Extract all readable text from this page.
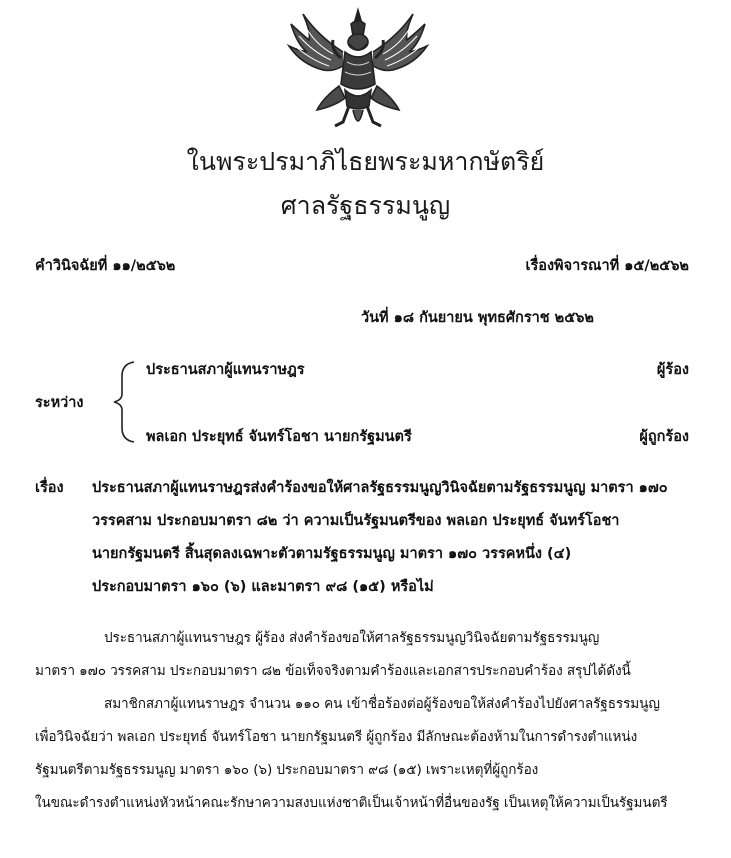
ในพระปรมาภิไธยพระมหากษัตริย์
ศาลรัฐธรรมนูญ
คำวินิจฉัยที่ ๑๑/๒๕๖๒	เรื่องพิจารณาที่ ๑๕/๒๕๖๒
วันที่ ๑๘ กันยายน พุทธศักราช ๒๕๖๒
ระหว่าง
ประธานสภาผู้แทนราษฎร	ผู้ร้อง
พลเอก ประยุทธ์ จันทร์โอชา นายกรัฐมนตรี	ผู้ถูกร้อง
เรื่อง ประธานสภาผู้แทนราษฎรส่งคำร้องขอให้ศาลรัฐธรรมนูญวินิจฉัยตามรัฐธรรมนูญ มาตรา ๑๗๐
วรรคสาม ประกอบมาตรา ๘๒ ว่า ความเป็นรัฐมนตรีของ พลเอก ประยุทธ์ จันทร์โอชา
นายกรัฐมนตรี สิ้นสุดลงเฉพาะตัวตามรัฐธรรมนูญ มาตรา ๑๗๐ วรรคหนึ่ง (๔)
ประกอบมาตรา ๑๖๐ (๖) และมาตรา ๙๘ (๑๕) หรือไม่
ประธานสภาผู้แทนราษฎร ผู้ร้อง ส่งคำร้องขอให้ศาลรัฐธรรมนูญวินิจฉัยตามรัฐธรรมนูญ
มาตรา ๑๗๐ วรรคสาม ประกอบมาตรา ๘๒ ข้อเท็จจริงตามคำร้องและเอกสารประกอบคำร้อง สรุปได้ดังนี้
สมาชิกสภาผู้แทนราษฎร จำนวน ๑๑๐ คน เข้าชื่อร้องต่อผู้ร้องขอให้ส่งคำร้องไปยังศาลรัฐธรรมนูญ
เพื่อวินิจฉัยว่า พลเอก ประยุทธ์ จันทร์โอชา นายกรัฐมนตรี ผู้ถูกร้อง มีลักษณะต้องห้ามในการดำรงตำแหน่ง
รัฐมนตรีตามรัฐธรรมนูญ มาตรา ๑๖๐ (๖) ประกอบมาตรา ๙๘ (๑๕) เพราะเหตุที่ผู้ถูกร้อง
ในขณะดำรงตำแหน่งหัวหน้าคณะรักษาความสงบแห่งชาติเป็นเจ้าหน้าที่อื่นของรัฐ เป็นเหตุให้ความเป็นรัฐมนตรี
